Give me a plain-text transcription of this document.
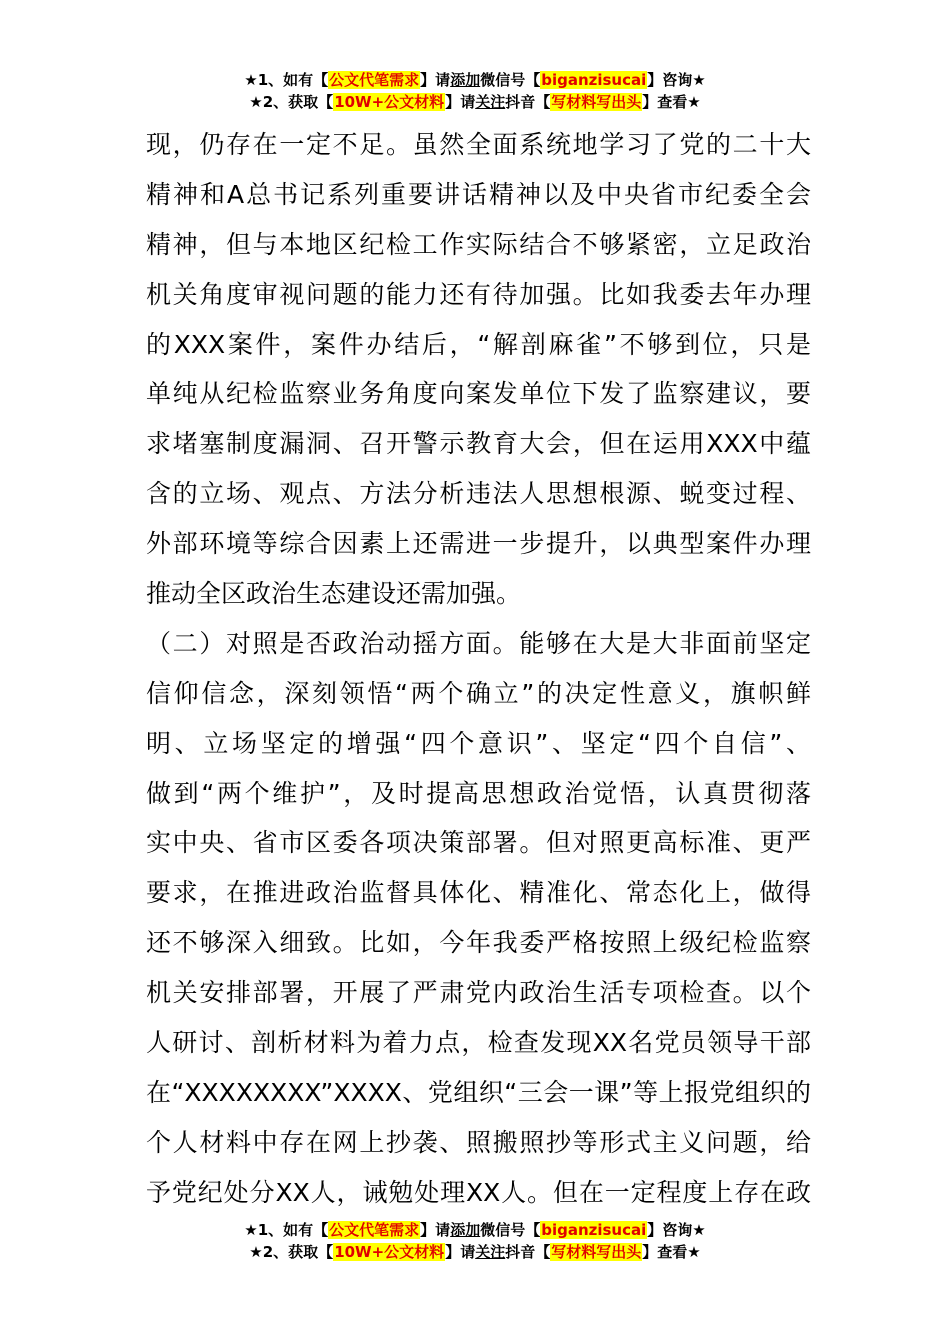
★1、如有【公文代笔需求】请添加微信号【biganzisucai】咨询★
★2、获取【10W+公文材料】请关注抖音【写材料写出头】查看★
现，仍存在一定不足。虽然全面系统地学习了党的二十大
精神和A总书记系列重要讲话精神以及中央省市纪委全会
精神，但与本地区纪检工作实际结合不够紧密，立足政治
机关角度审视问题的能力还有待加强。比如我委去年办理
的XXX案件，案件办结后，“解剖麻雀”不够到位，只是
单纯从纪检监察业务角度向案发单位下发了监察建议，要
求堵塞制度漏洞、召开警示教育大会，但在运用XXX中蕴
含的立场、观点、方法分析违法人思想根源、蜕变过程、
外部环境等综合因素上还需进一步提升，以典型案件办理
推动全区政治生态建设还需加强。
（二）对照是否政治动摇方面。能够在大是大非面前坚定
信仰信念，深刻领悟“两个确立”的决定性意义，旗帜鲜
明、立场坚定的增强“四个意识”、坚定“四个自信”、
做到“两个维护”，及时提高思想政治觉悟，认真贯彻落
实中央、省市区委各项决策部署。但对照更高标准、更严
要求，在推进政治监督具体化、精准化、常态化上，做得
还不够深入细致。比如，今年我委严格按照上级纪检监察
机关安排部署，开展了严肃党内政治生活专项检查。以个
人研讨、剖析材料为着力点，检查发现XX名党员领导干部
在“XXXXXXXX”XXXX、党组织“三会一课”等上报党组织的
个人材料中存在网上抄袭、照搬照抄等形式主义问题，给
予党纪处分XX人，诫勉处理XX人。但在一定程度上存在政
★1、如有【公文代笔需求】请添加微信号【biganzisucai】咨询★
★2、获取【10W+公文材料】请关注抖音【写材料写出头】查看★
